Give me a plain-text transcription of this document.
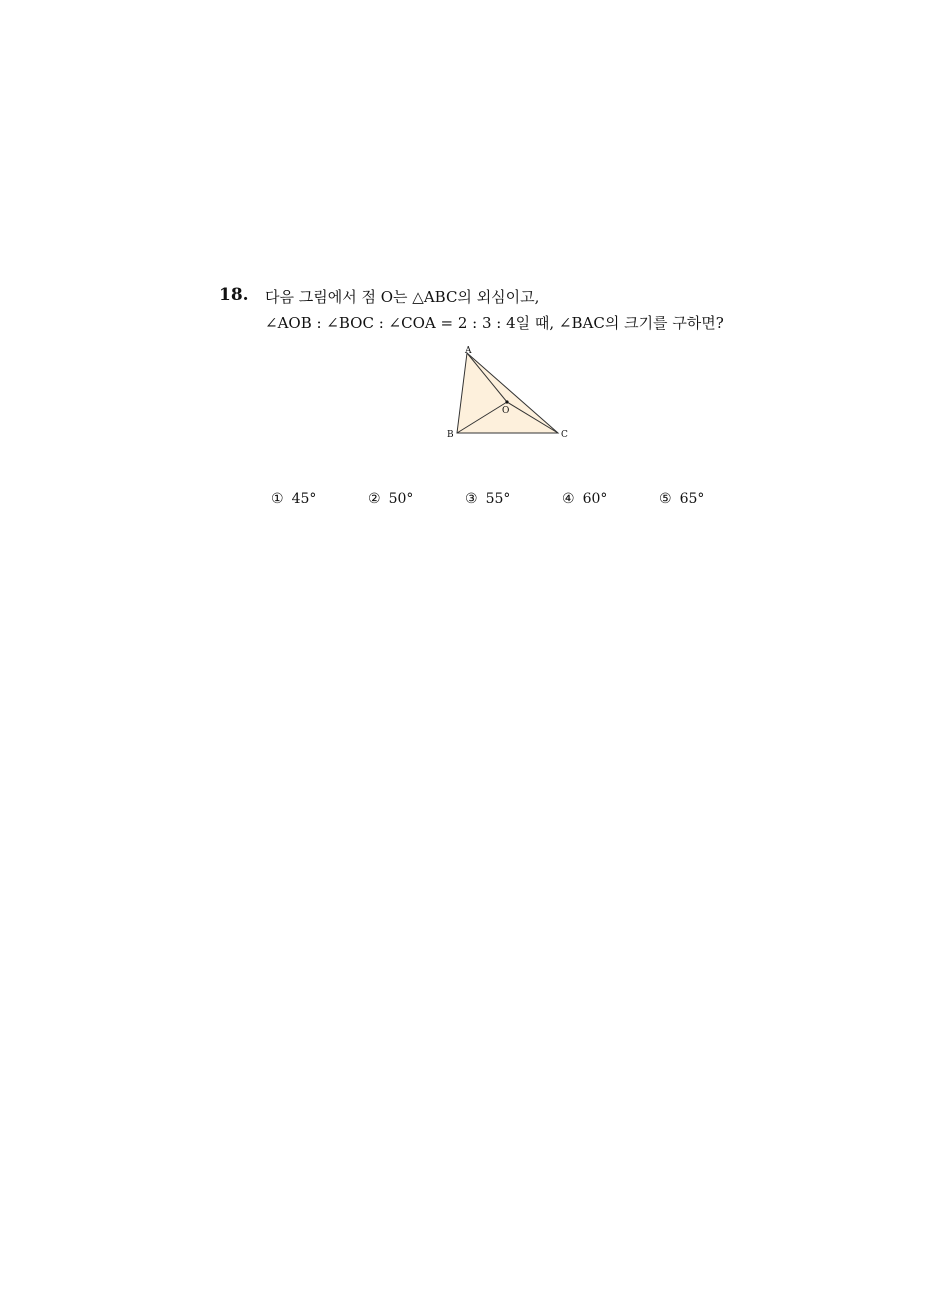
18. 다음 그림에서 점 O는 △ABC의 외심이고,
∠AOB : ∠BOC : ∠COA = 2 : 3 : 4일 때, ∠BAC의 크기를 구하면?
A
B	C
O
① 45°	② 50°	③ 55°	④ 60°	⑤ 65°
